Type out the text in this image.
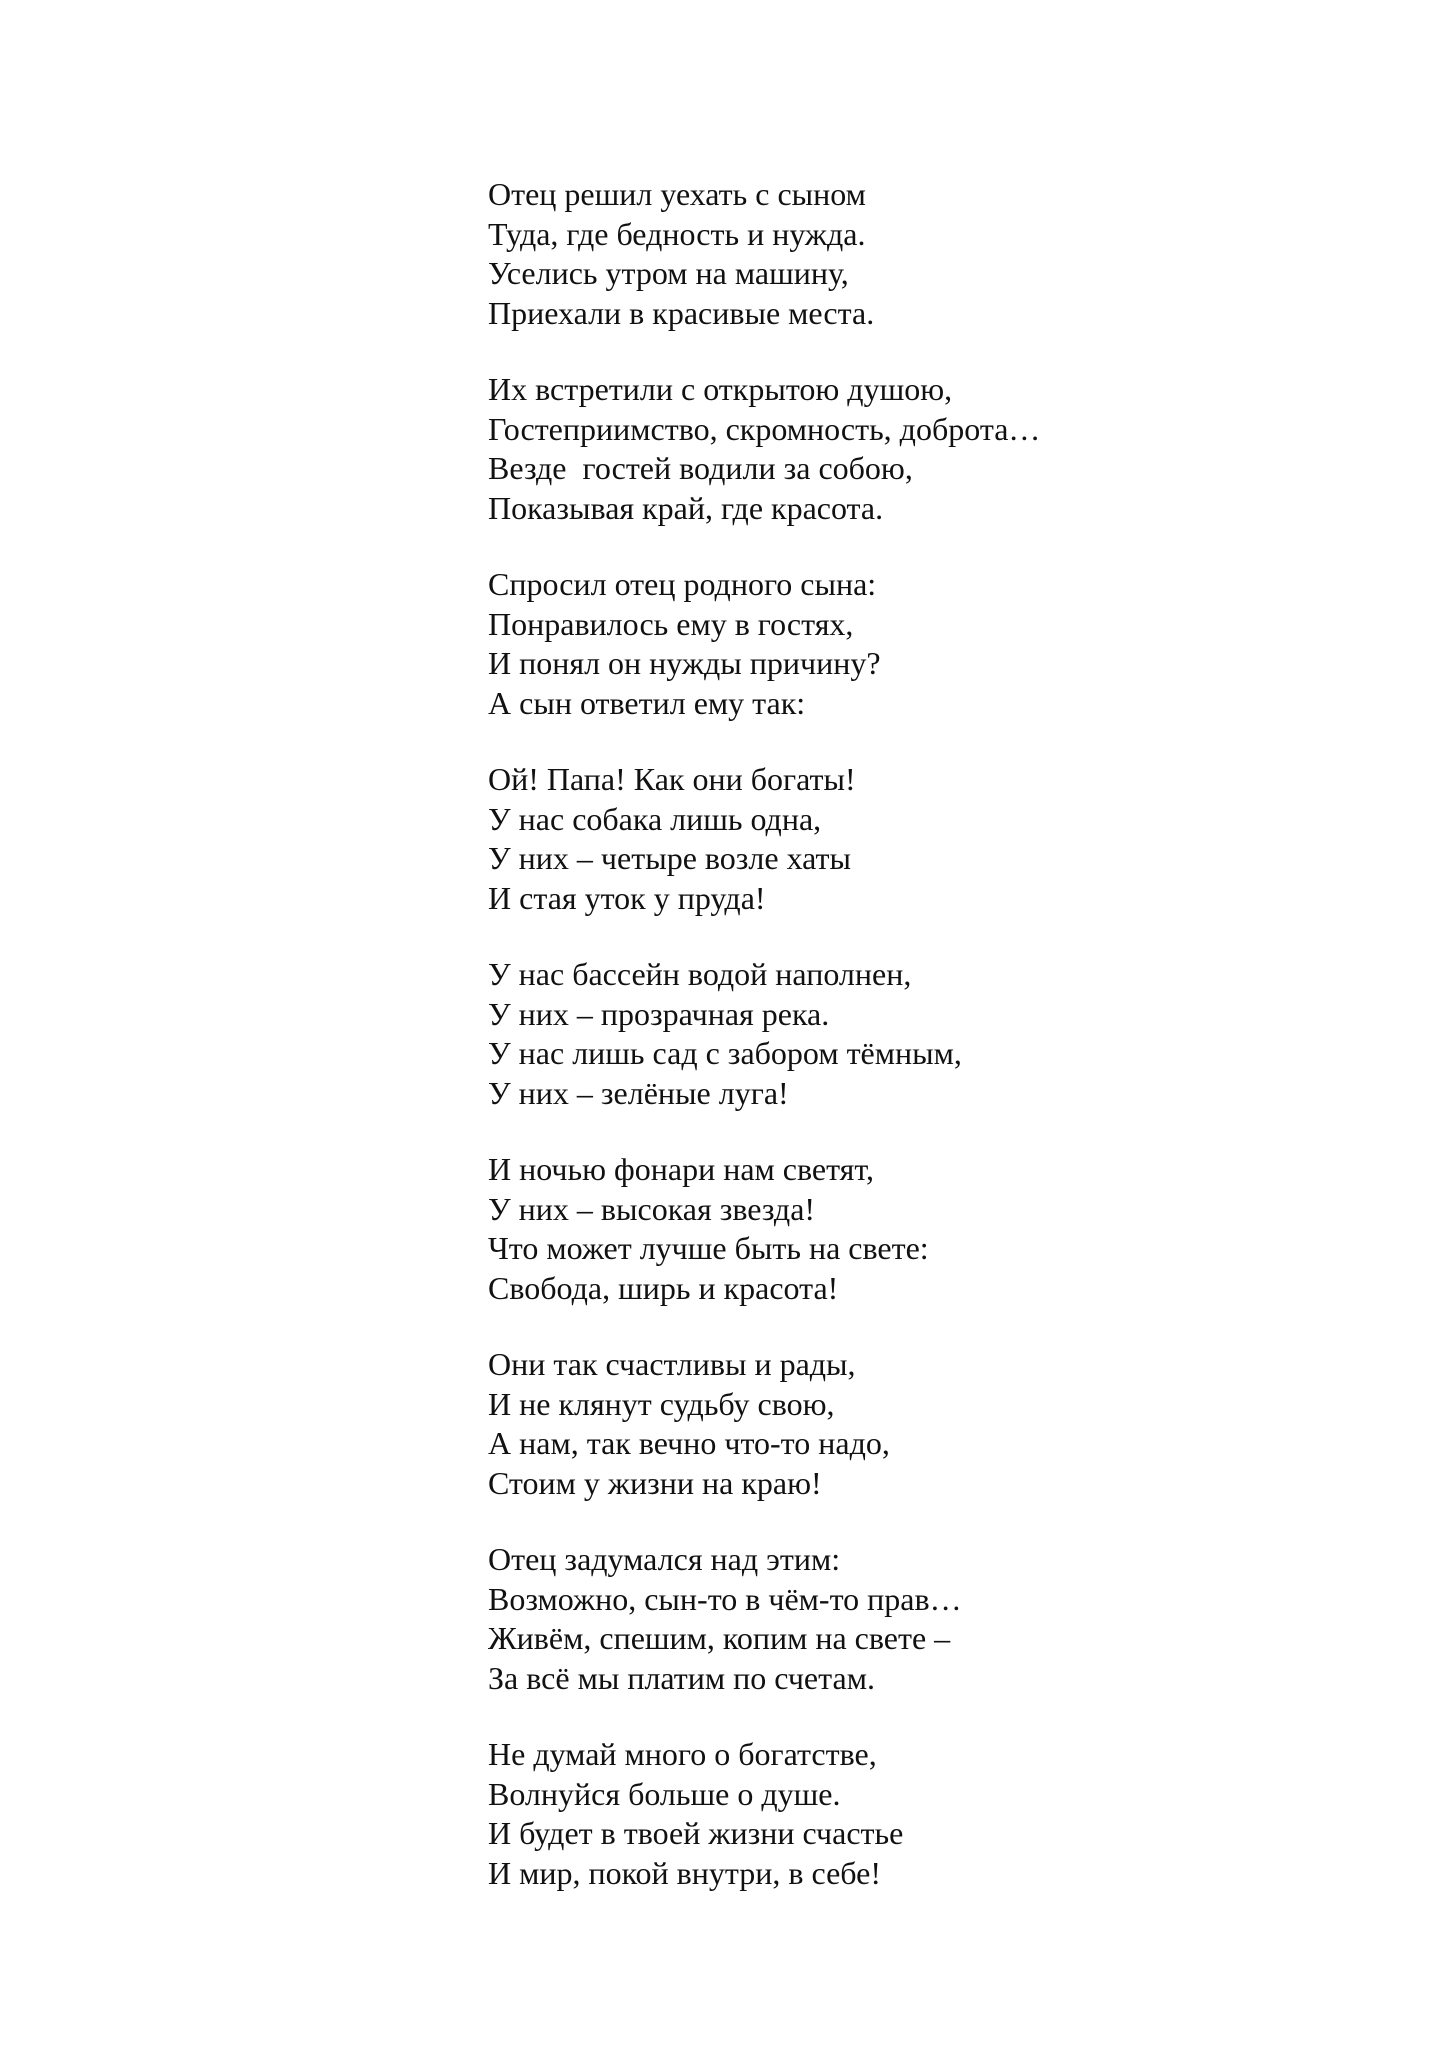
Отец решил уехать с сыном
Туда, где бедность и нужда.
Уселись утром на машину,
Приехали в красивые места.
Их встретили с открытою душою,
Гостеприимство, скромность, доброта…
Везде  гостей водили за собою,
Показывая край, где красота.
Спросил отец родного сына:
Понравилось ему в гостях,
И понял он нужды причину?
А сын ответил ему так:
Ой! Папа! Как они богаты!
У нас собака лишь одна,
У них – четыре возле хаты
И стая уток у пруда!
У нас бассейн водой наполнен,
У них – прозрачная река.
У нас лишь сад с забором тёмным,
У них – зелёные луга!
И ночью фонари нам светят,
У них – высокая звезда!
Что может лучше быть на свете:
Свобода, ширь и красота!
Они так счастливы и рады,
И не клянут судьбу свою,
А нам, так вечно что-то надо,
Стоим у жизни на краю!
Отец задумался над этим:
Возможно, сын-то в чём-то прав…
Живём, спешим, копим на свете –
За всё мы платим по счетам.
Не думай много о богатстве,
Волнуйся больше о душе.
И будет в твоей жизни счастье
И мир, покой внутри, в себе!
